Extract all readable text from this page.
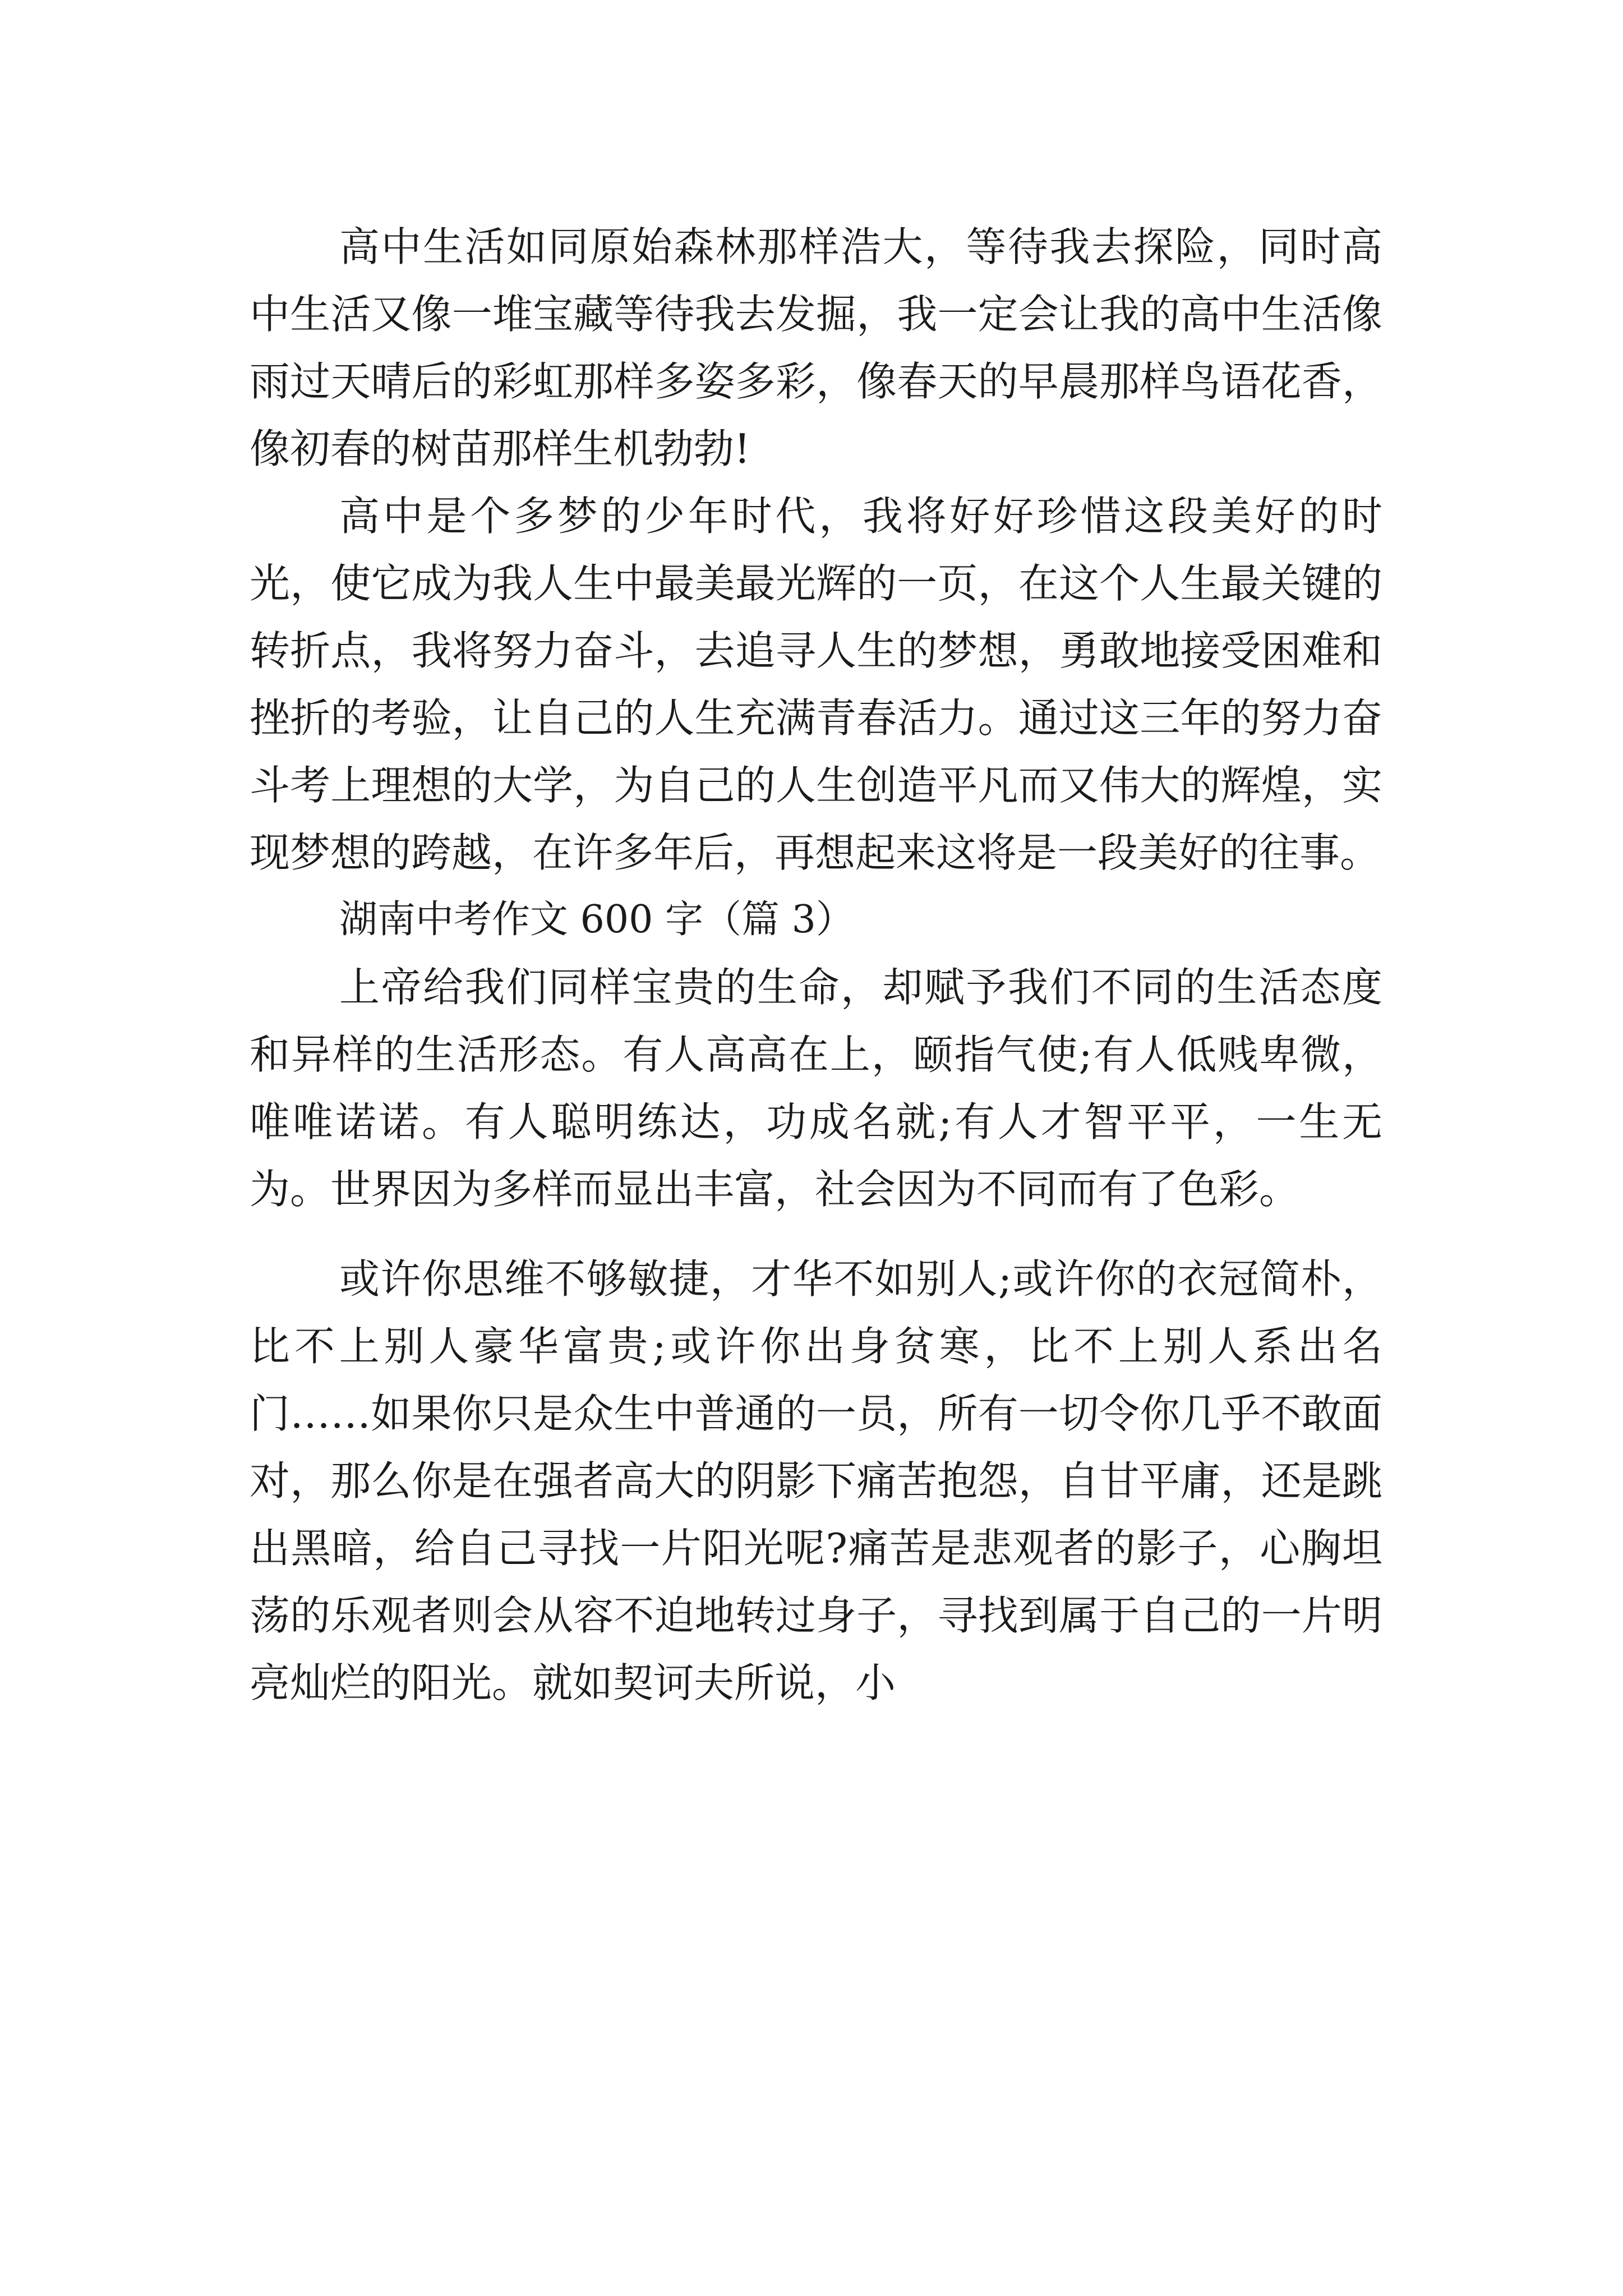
高中生活如同原始森林那样浩大，等待我去探险，同时高中生活又像一堆宝藏等待我去发掘，我一定会让我的高中生活像雨过天晴后的彩虹那样多姿多彩，像春天的早晨那样鸟语花香，像初春的树苗那样生机勃勃!

高中是个多梦的少年时代，我将好好珍惜这段美好的时光，使它成为我人生中最美最光辉的一页，在这个人生最关键的转折点，我将努力奋斗，去追寻人生的梦想，勇敢地接受困难和挫折的考验，让自己的人生充满青春活力。通过这三年的努力奋斗考上理想的大学，为自己的人生创造平凡而又伟大的辉煌，实现梦想的跨越，在许多年后，再想起来这将是一段美好的往事。

湖南中考作文 600 字（篇 3）

上帝给我们同样宝贵的生命，却赋予我们不同的生活态度和异样的生活形态。有人高高在上，颐指气使;有人低贱卑微，唯唯诺诺。有人聪明练达，功成名就;有人才智平平，一生无为。世界因为多样而显出丰富，社会因为不同而有了色彩。

或许你思维不够敏捷，才华不如别人;或许你的衣冠简朴，比不上别人豪华富贵;或许你出身贫寒，比不上别人系出名门……如果你只是众生中普通的一员，所有一切令你几乎不敢面对，那么你是在强者高大的阴影下痛苦抱怨，自甘平庸，还是跳出黑暗，给自己寻找一片阳光呢?痛苦是悲观者的影子，心胸坦荡的乐观者则会从容不迫地转过身子，寻找到属于自己的一片明亮灿烂的阳光。就如契诃夫所说，小
